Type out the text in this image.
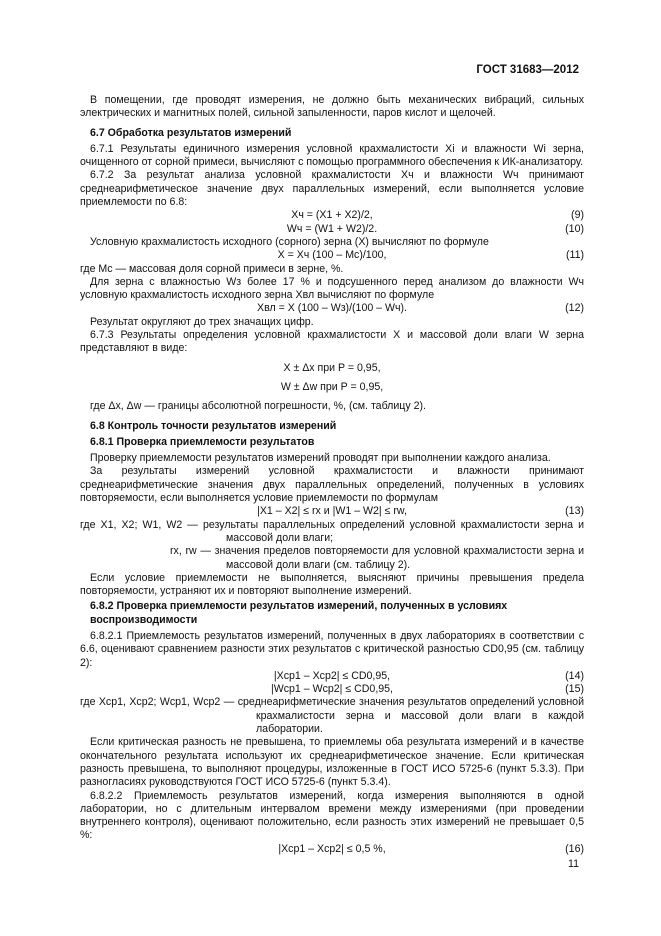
ГОСТ 31683—2012

В помещении, где проводят измерения, не должно быть механических вибраций, сильных электрических и магнитных полей, сильной запыленности, паров кислот и щелочей.

6.7 Обработка результатов измерений

6.7.1 Результаты единичного измерения условной крахмалистости Xi и влажности Wi зерна, очищенного от сорной примеси, вычисляют с помощью программного обеспечения к ИК-анализатору.

6.7.2 За результат анализа условной крахмалистости Xч и влажности Wч принимают среднеарифметическое значение двух параллельных измерений, если выполняется условие приемлемости по 6.8:

Xч = (X1 + X2)/2,	(9)
Wч = (W1 + W2)/2.	(10)

Условную крахмалистость исходного (сорного) зерна (X) вычисляют по формуле

X = Xч (100 – Mс)/100,	(11)

где Mс — массовая доля сорной примеси в зерне, %.

Для зерна с влажностью Wз более 17 % и подсушенного перед анализом до влажности Wч условную крахмалистость исходного зерна Xвл вычисляют по формуле

Xвл = X (100 – Wз)/(100 – Wч).	(12)

Результат округляют до трех значащих цифр.

6.7.3 Результаты определения условной крахмалистости X и массовой доли влаги W зерна представляют в виде:

X ± Δx при P = 0,95,
W ± Δw при P = 0,95,

где Δx, Δw — границы абсолютной погрешности, %, (см. таблицу 2).

6.8 Контроль точности результатов измерений
6.8.1 Проверка приемлемости результатов

Проверку приемлемости результатов измерений проводят при выполнении каждого анализа.

За результаты измерений условной крахмалистости и влажности принимают среднеарифметические значения двух параллельных определений, полученных в условиях повторяемости, если выполняется условие приемлемости по формулам

|X1 – X2| ≤ rx и |W1 – W2| ≤ rw,	(13)

где X1, X2; W1, W2 — результаты параллельных определений условной крахмалистости зерна и массовой доли влаги;

rx, rw — значения пределов повторяемости для условной крахмалистости зерна и массовой доли влаги (см. таблицу 2).

Если условие приемлемости не выполняется, выясняют причины превышения предела повторяемости, устраняют их и повторяют выполнение измерений.

6.8.2 Проверка приемлемости результатов измерений, полученных в условиях воспроизводимости

6.8.2.1 Приемлемость результатов измерений, полученных в двух лабораториях в соответствии с 6.6, оценивают сравнением разности этих результатов с критической разностью CD0,95 (см. таблицу 2):

|Xср1 – Xср2| ≤ CD0,95,	(14)
|Wср1 – Wср2| ≤ CD0,95,	(15)

где Xср1, Xср2; Wср1, Wср2 — среднеарифметические значения результатов определений условной крахмалистости зерна и массовой доли влаги в каждой лаборатории.

Если критическая разность не превышена, то приемлемы оба результата измерений и в качестве окончательного результата используют их среднеарифметическое значение. Если критическая разность превышена, то выполняют процедуры, изложенные в ГОСТ ИСО 5725-6 (пункт 5.3.3). При разногласиях руководствуются ГОСТ ИСО 5725-6 (пункт 5.3.4).

6.8.2.2 Приемлемость результатов измерений, когда измерения выполняются в одной лаборатории, но с длительным интервалом времени между измерениями (при проведении внутреннего контроля), оценивают положительно, если разность этих измерений не превышает 0,5 %:

|Xср1 – Xср2| ≤ 0,5 %,	(16)
11
